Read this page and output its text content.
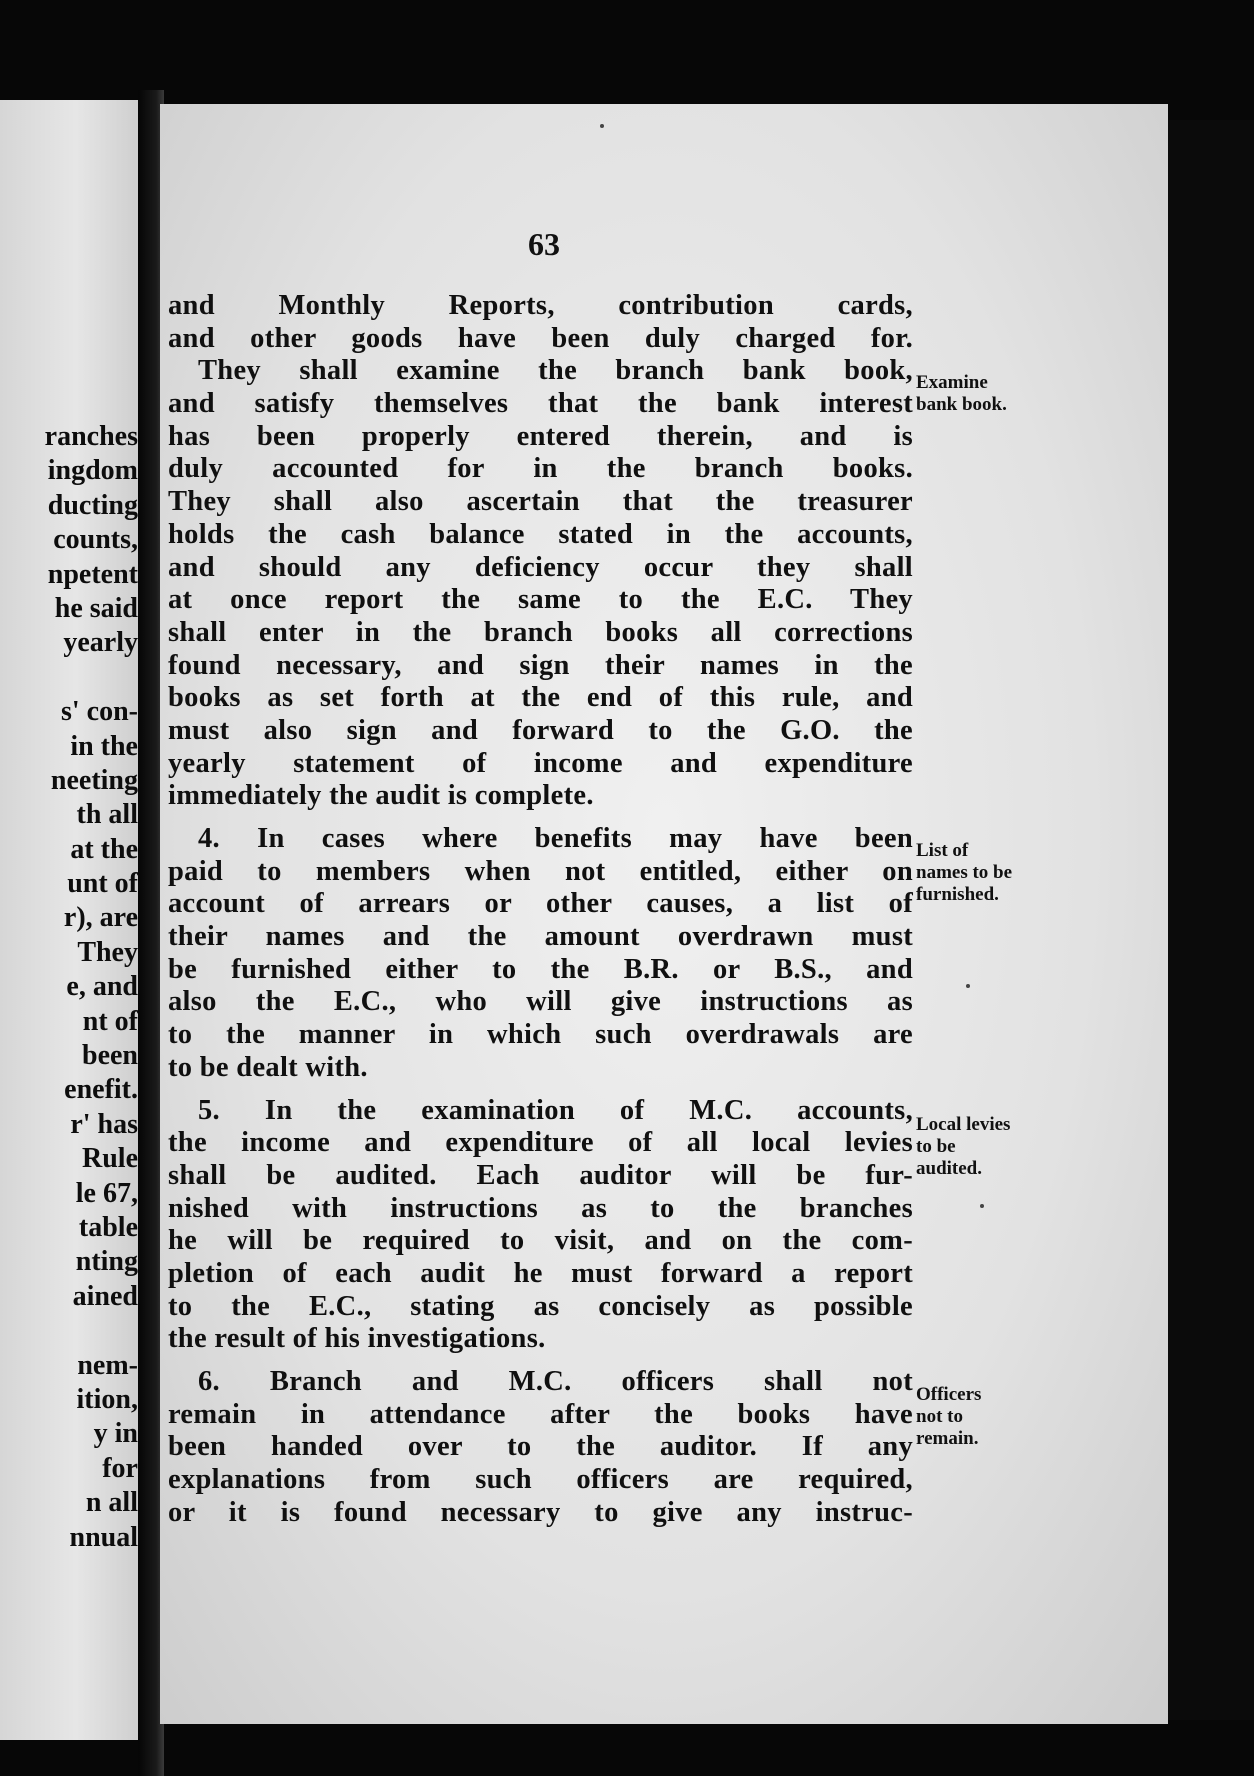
ranches
ingdom
ducting
counts,
npetent
he said
yearly
s' con-
in the
neeting
th all
at the
unt of
r), are
They
e, and
nt of
been
enefit.
r' has
Rule
le 67,
table
nting
ained
nem-
ition,
y in
for
n all
nnual
63
and Monthly Reports, contribution cards,
and other goods have been duly charged for.
They shall examine the branch bank book,
and satisfy themselves that the bank interest
has been properly entered therein, and is
duly accounted for in the branch books.
They shall also ascertain that the treasurer
holds the cash balance stated in the accounts,
and should any deficiency occur they shall
at once report the same to the E.C. They
shall enter in the branch books all corrections
found necessary, and sign their names in the
books as set forth at the end of this rule, and
must also sign and forward to the G.O. the
yearly statement of income and expenditure
immediately the audit is complete.
4. In cases where benefits may have been
paid to members when not entitled, either on
account of arrears or other causes, a list of
their names and the amount overdrawn must
be furnished either to the B.R. or B.S., and
also the E.C., who will give instructions as
to the manner in which such overdrawals are
to be dealt with.
5. In the examination of M.C. accounts,
the income and expenditure of all local levies
shall be audited. Each auditor will be fur-
nished with instructions as to the branches
he will be required to visit, and on the com-
pletion of each audit he must forward a report
to the E.C., stating as concisely as possible
the result of his investigations.
6. Branch and M.C. officers shall not
remain in attendance after the books have
been handed over to the auditor. If any
explanations from such officers are required,
or it is found necessary to give any instruc-
Examine
bank book.
List of
names to be
furnished.
Local levies
to be
audited.
Officers
not to
remain.
